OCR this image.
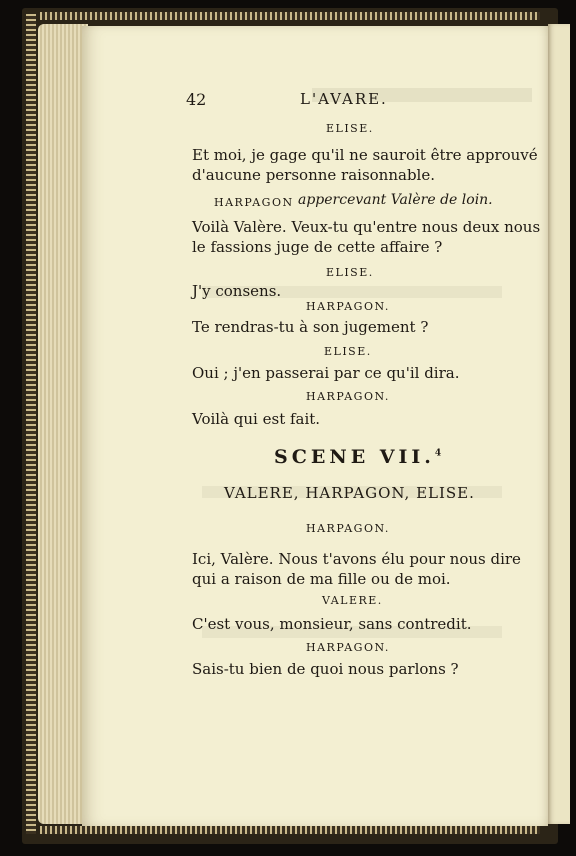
42	L'AVARE.
ELISE.
Et moi, je gage qu'il ne sauroit être approuvé
d'aucune personne raisonnable.
HARPAGON appercevant Valère de loin.
Voilà Valère. Veux-tu qu'entre nous deux nous
le fassions juge de cette affaire ?
ELISE.
J'y consens.
HARPAGON.
Te rendras-tu à son jugement ?
ELISE.
Oui ; j'en passerai par ce qu'il dira.
HARPAGON.
Voilà qui est fait.
SCENE VII.$^4$
VALERE, HARPAGON, ELISE.
HARPAGON.
Ici, Valère. Nous t'avons élu pour nous dire
qui a raison de ma fille ou de moi.
VALERE.
C'est vous, monsieur, sans contredit.
HARPAGON.
Sais-tu bien de quoi nous parlons ?
